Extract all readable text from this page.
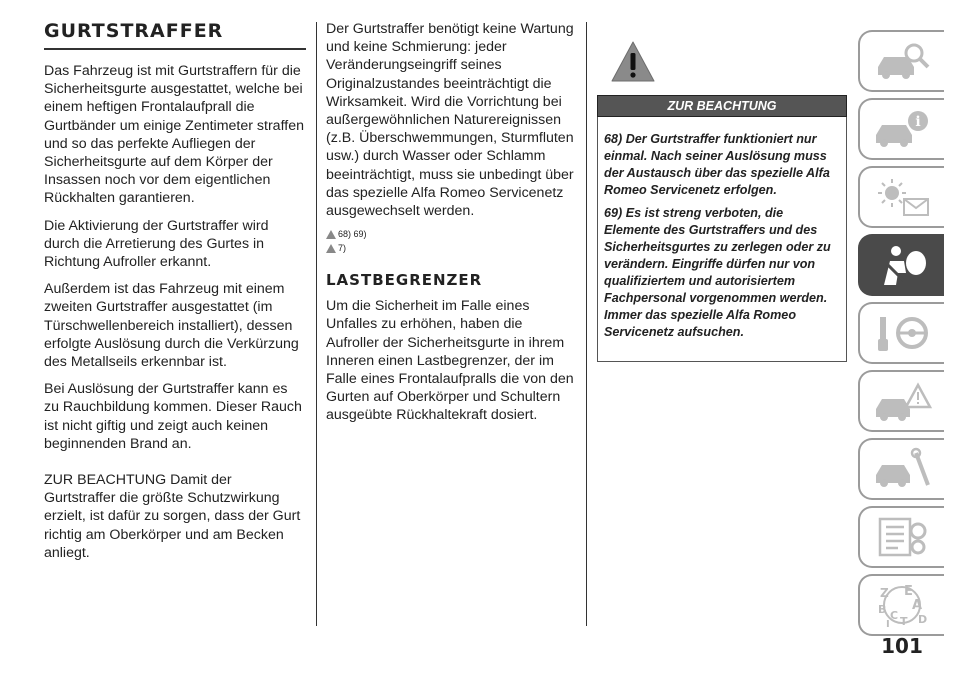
GURTSTRAFFER

Das Fahrzeug ist mit Gurtstraffern für die Sicherheitsgurte ausgestattet, welche bei einem heftigen Frontalaufprall die Gurtbänder um einige Zentimeter straffen und so das perfekte Aufliegen der Sicherheitsgurte auf dem Körper der Insassen noch vor dem eigentlichen Rückhalten garantieren.

Die Aktivierung der Gurtstraffer wird durch die Arretierung des Gurtes in Richtung Aufroller erkannt.

Außerdem ist das Fahrzeug mit einem zweiten Gurtstraffer ausgestattet (im Türschwellenbereich installiert), dessen erfolgte Auslösung durch die Verkürzung des Metallseils erkennbar ist.

Bei Auslösung der Gurtstraffer kann es zu Rauchbildung kommen. Dieser Rauch ist nicht giftig und zeigt auch keinen beginnenden Brand an.

ZUR BEACHTUNG Damit der Gurtstraffer die größte Schutzwirkung erzielt, ist dafür zu sorgen, dass der Gurt richtig am Oberkörper und am Becken anliegt.

Der Gurtstraffer benötigt keine Wartung und keine Schmierung: jeder Veränderungseingriff seines Originalzustandes beeinträchtigt die Wirksamkeit. Wird die Vorrichtung bei außergewöhnlichen Naturereignissen (z.B. Überschwemmungen, Sturmfluten usw.) durch Wasser oder Schlamm beeinträchtigt, muss sie unbedingt über das spezielle Alfa Romeo Servicenetz ausgewechselt werden.

68) 69)
7)
LASTBEGRENZER

Um die Sicherheit im Falle eines Unfalles zu erhöhen, haben die Aufroller der Sicherheitsgurte in ihrem Inneren einen Lastbegrenzer, der im Falle eines Frontalaufpralls die von den Gurten auf Oberkörper und Schultern ausgeübte Rückhaltekraft dosiert.

ZUR BEACHTUNG
68) Der Gurtstraffer funktioniert nur einmal. Nach seiner Auslösung muss der Austausch über das spezielle Alfa Romeo Servicenetz erfolgen.
69) Es ist streng verboten, die Elemente des Gurtstraffers und des Sicherheitsgurtes zu zerlegen oder zu verändern. Eingriffe dürfen nur von qualifiziertem und autorisiertem Fachpersonal vorgenommen werden. Immer das spezielle Alfa Romeo Servicenetz aufsuchen.
i
Z E
A
B C T
I	D
101
